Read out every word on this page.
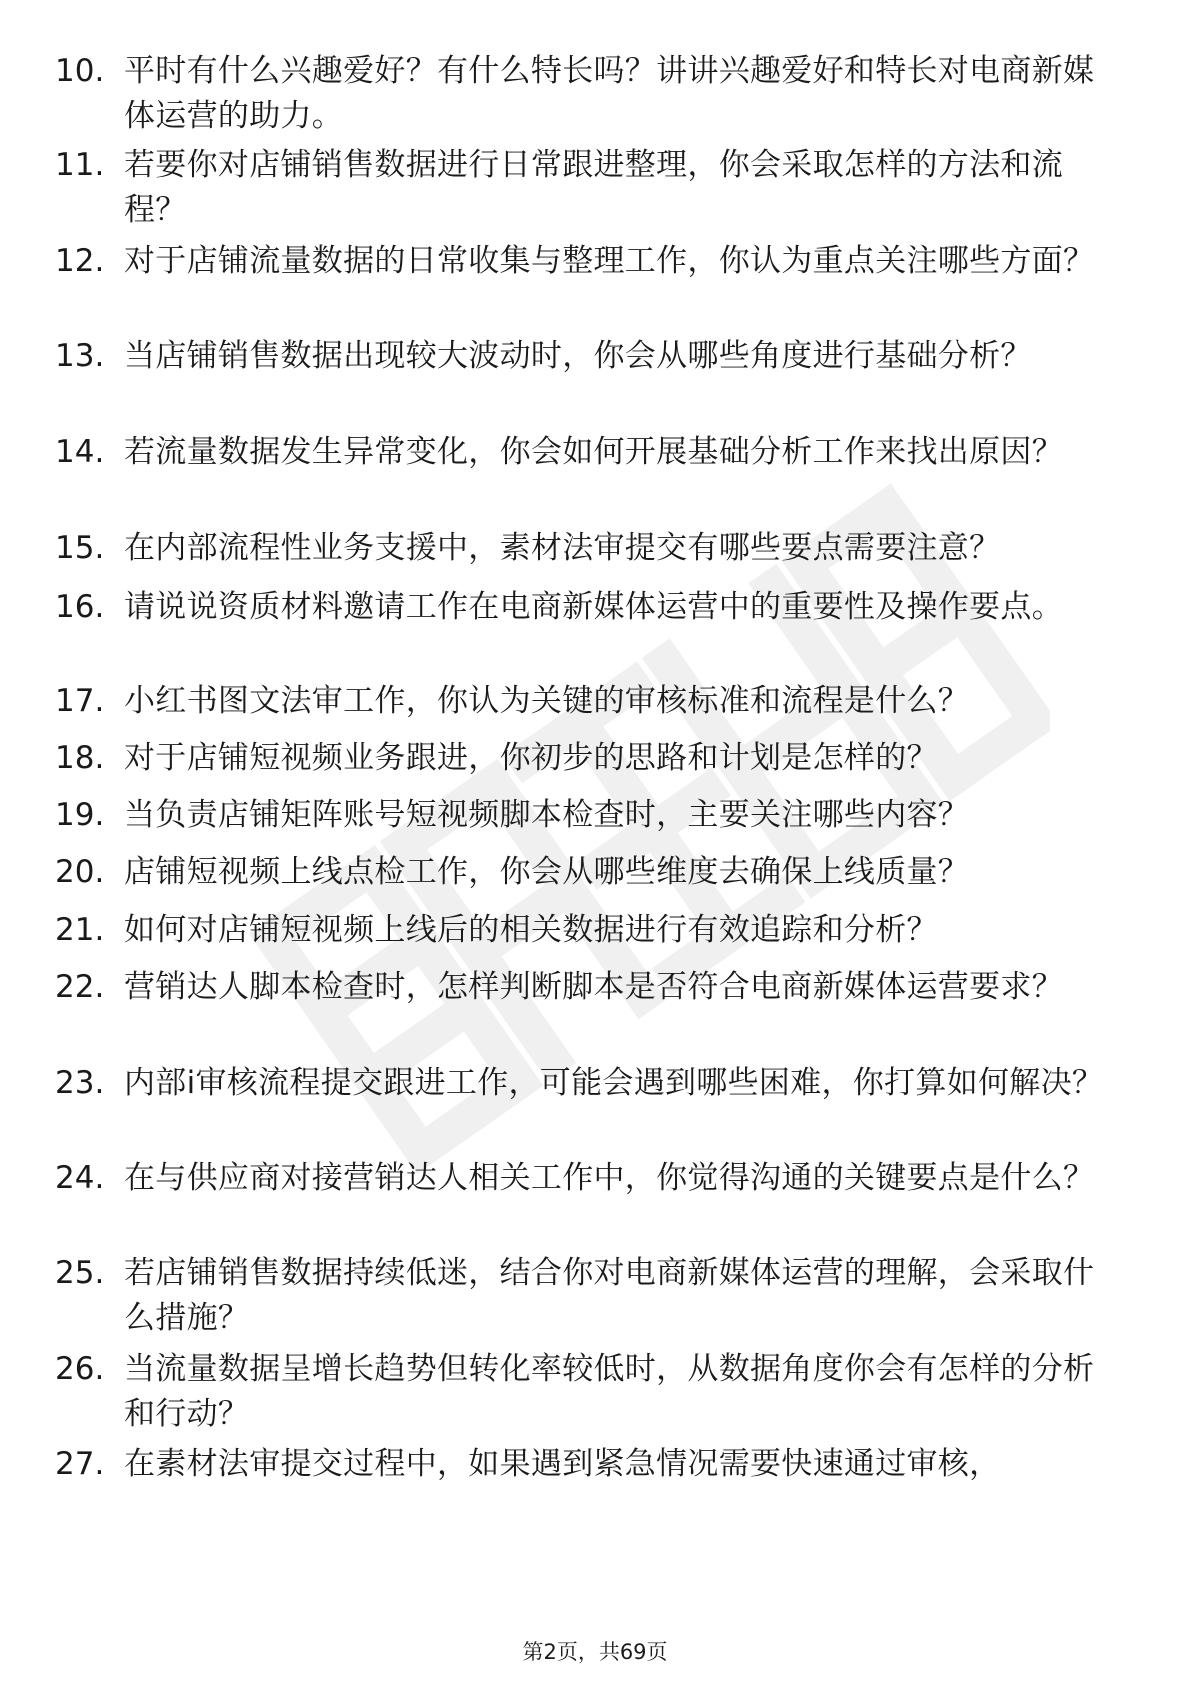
10. 平时有什么兴趣爱好？有什么特长吗？讲讲兴趣爱好和特长对电商新媒体运营的助力。
11. 若要你对店铺销售数据进行日常跟进整理，你会采取怎样的方法和流程？
12. 对于店铺流量数据的日常收集与整理工作，你认为重点关注哪些方面？
13. 当店铺销售数据出现较大波动时，你会从哪些角度进行基础分析？
14. 若流量数据发生异常变化，你会如何开展基础分析工作来找出原因？
15. 在内部流程性业务支援中，素材法审提交有哪些要点需要注意？
16. 请说说资质材料邀请工作在电商新媒体运营中的重要性及操作要点。
17. 小红书图文法审工作，你认为关键的审核标准和流程是什么？
18. 对于店铺短视频业务跟进，你初步的思路和计划是怎样的？
19. 当负责店铺矩阵账号短视频脚本检查时，主要关注哪些内容？
20. 店铺短视频上线点检工作，你会从哪些维度去确保上线质量？
21. 如何对店铺短视频上线后的相关数据进行有效追踪和分析？
22. 营销达人脚本检查时，怎样判断脚本是否符合电商新媒体运营要求？
23. 内部i审核流程提交跟进工作，可能会遇到哪些困难，你打算如何解决？
24. 在与供应商对接营销达人相关工作中，你觉得沟通的关键要点是什么？
25. 若店铺销售数据持续低迷，结合你对电商新媒体运营的理解，会采取什么措施？
26. 当流量数据呈增长趋势但转化率较低时，从数据角度你会有怎样的分析和行动？
27. 在素材法审提交过程中，如果遇到紧急情况需要快速通过审核，
第2页，共69页
